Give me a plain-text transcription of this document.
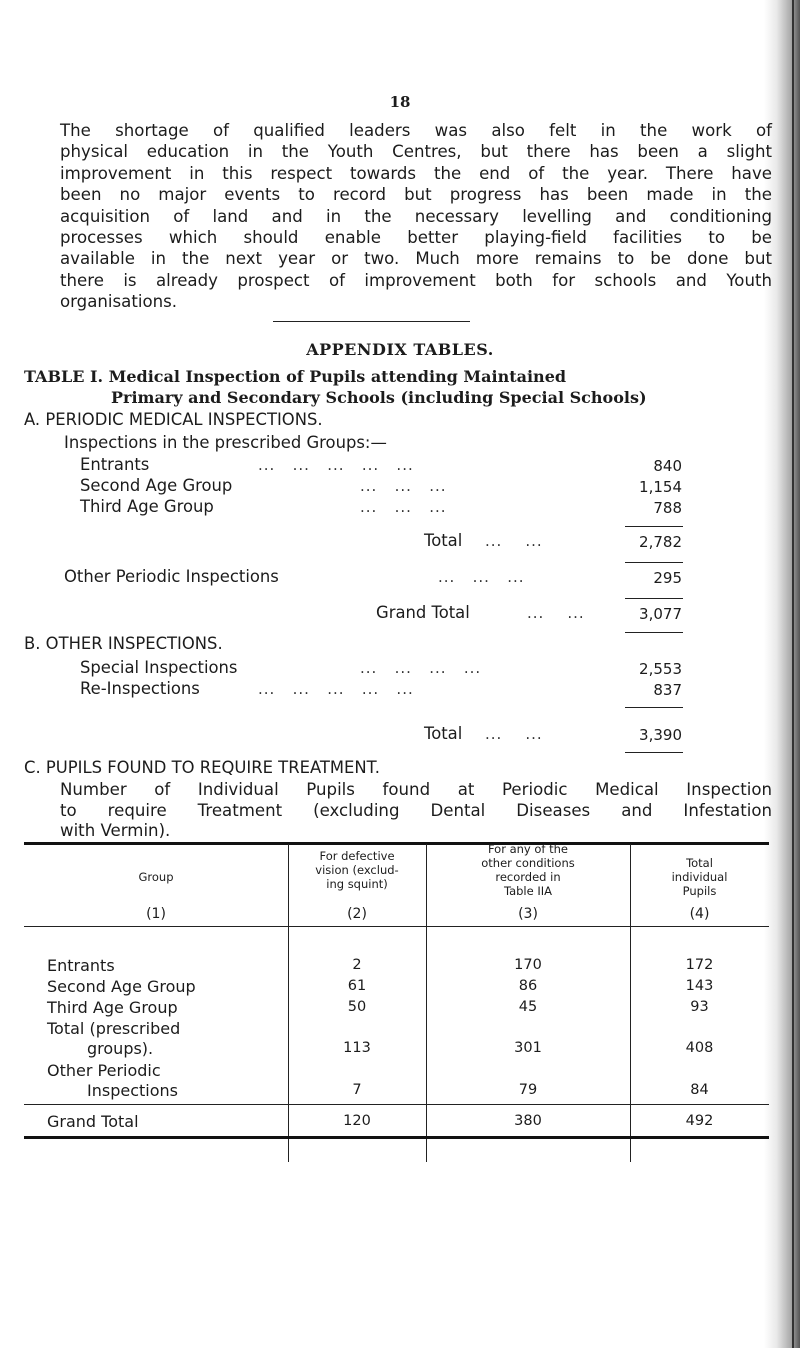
18
The shortage of qualified leaders was also felt in the work of
physical education in the Youth Centres, but there has been a slight
improvement in this respect towards the end of the year. There have
been no major events to record but progress has been made in the
acquisition of land and in the necessary levelling and conditioning
processes which should enable better playing-field facilities to be
available in the next year or two. Much more remains to be done but
there is already prospect of improvement both for schools and Youth
organisations.
APPENDIX TABLES.
TABLE I. Medical Inspection of Pupils attending Maintained
Primary and Secondary Schools (including Special Schools)
A. PERIODIC MEDICAL INSPECTIONS.
Inspections in the prescribed Groups:—
Entrants	...   ...   ...   ...   ...	840
Second Age Group	...   ...   ...	1,154
Third Age Group	...   ...   ...	788
Total ...    ...	2,782
Other Periodic Inspections	...   ...   ...	295
Grand Total	...    ...	3,077
B. OTHER INSPECTIONS.
Special Inspections	...   ...   ...   ...	2,553
Re-Inspections	...   ...   ...   ...   ...	837
Total ...    ...	3,390
C. PUPILS FOUND TO REQUIRE TREATMENT.
Number of Individual Pupils found at Periodic Medical Inspection
to require Treatment (excluding Dental Diseases and Infestation
with Vermin).
Group
For defective
vision (exclud-
ing squint)
For any of the
other conditions
recorded in
Table IIA
Total
individual
Pupils
(1)	(2)	(3)	(4)
Entrants	2	170	172
Second Age Group	61	86	143
Third Age Group	50	45	93
Total (prescribed
groups).	113	301	408
Other Periodic
Inspections	7	79	84
Grand Total	120	380	492
